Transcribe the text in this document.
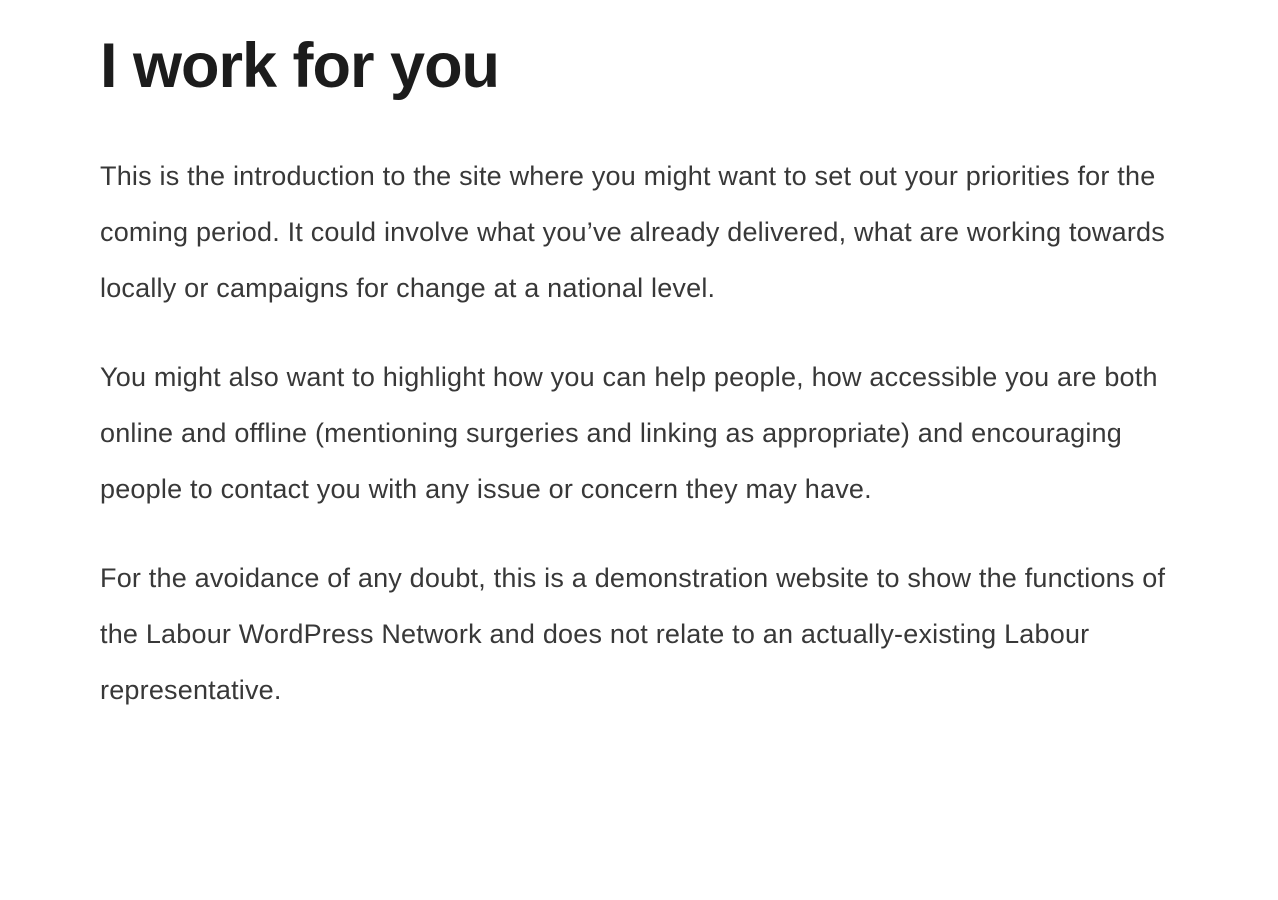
I work for you

This is the introduction to the site where you might want to set out your priorities for the coming period. It could involve what you’ve already delivered, what are working towards locally or campaigns for change at a national level.

You might also want to highlight how you can help people, how accessible you are both online and offline (mentioning surgeries and linking as appropriate) and encouraging people to contact you with any issue or concern they may have.

For the avoidance of any doubt, this is a demonstration website to show the functions of the Labour WordPress Network and does not relate to an actually-existing Labour representative.
